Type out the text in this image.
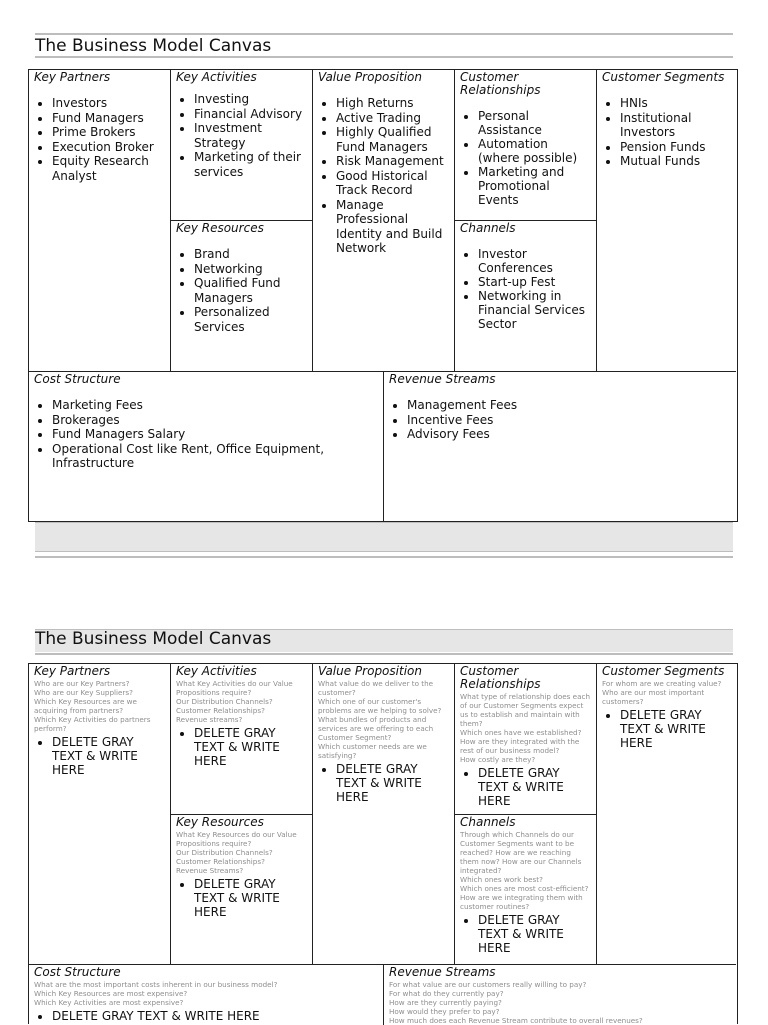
The Business Model Canvas
Key Partners
• Investors
• Fund Managers
• Prime Brokers
• Execution Broker
• Equity Research Analyst
Key Activities
• Investing
• Financial Advisory
• Investment Strategy
• Marketing of their services
Key Resources
• Brand
• Networking
• Qualified Fund Managers
• Personalized Services
Value Proposition
• High Returns
• Active Trading
• Highly Qualified Fund Managers
• Risk Management
• Good Historical Track Record
• Manage Professional Identity and Build Network
Customer Relationships
• Personal Assistance
• Automation (where possible)
• Marketing and Promotional Events
Channels
• Investor Conferences
• Start-up Fest
• Networking in Financial Services Sector
Customer Segments
• HNIs
• Institutional Investors
• Pension Funds
• Mutual Funds
Cost Structure
• Marketing Fees
• Brokerages
• Fund Managers Salary
• Operational Cost like Rent, Office Equipment, Infrastructure
Revenue Streams
• Management Fees
• Incentive Fees
• Advisory Fees
The Business Model Canvas
Key Partners
Who are our Key Partners?
Who are our Key Suppliers?
Which Key Resources are we acquiring from partners?
Which Key Activities do partners perform?
• DELETE GRAY TEXT & WRITE HERE
Key Activities
What Key Activities do our Value Propositions require?
Our Distribution Channels?
Customer Relationships?
Revenue streams?
• DELETE GRAY TEXT & WRITE HERE
Key Resources
What Key Resources do our Value Propositions require?
Our Distribution Channels?
Customer Relationships?
Revenue Streams?
• DELETE GRAY TEXT & WRITE HERE
Value Proposition
What value do we deliver to the customer?
Which one of our customer's problems are we helping to solve?
What bundles of products and services are we offering to each Customer Segment?
Which customer needs are we satisfying?
• DELETE GRAY TEXT & WRITE HERE
Customer Relationships
What type of relationship does each of our Customer Segments expect us to establish and maintain with them?
Which ones have we established?
How are they integrated with the rest of our business model?
How costly are they?
• DELETE GRAY TEXT & WRITE HERE
Channels
Through which Channels do our Customer Segments want to be reached? How are we reaching them now? How are our Channels integrated?
Which ones work best?
Which ones are most cost-efficient?
How are we integrating them with customer routines?
• DELETE GRAY TEXT & WRITE HERE
Customer Segments
For whom are we creating value?
Who are our most important customers?
• DELETE GRAY TEXT & WRITE HERE
Cost Structure
What are the most important costs inherent in our business model?
Which Key Resources are most expensive?
Which Key Activities are most expensive?
• DELETE GRAY TEXT & WRITE HERE
Revenue Streams
For what value are our customers really willing to pay?
For what do they currently pay?
How are they currently paying?
How would they prefer to pay?
How much does each Revenue Stream contribute to overall revenues?
